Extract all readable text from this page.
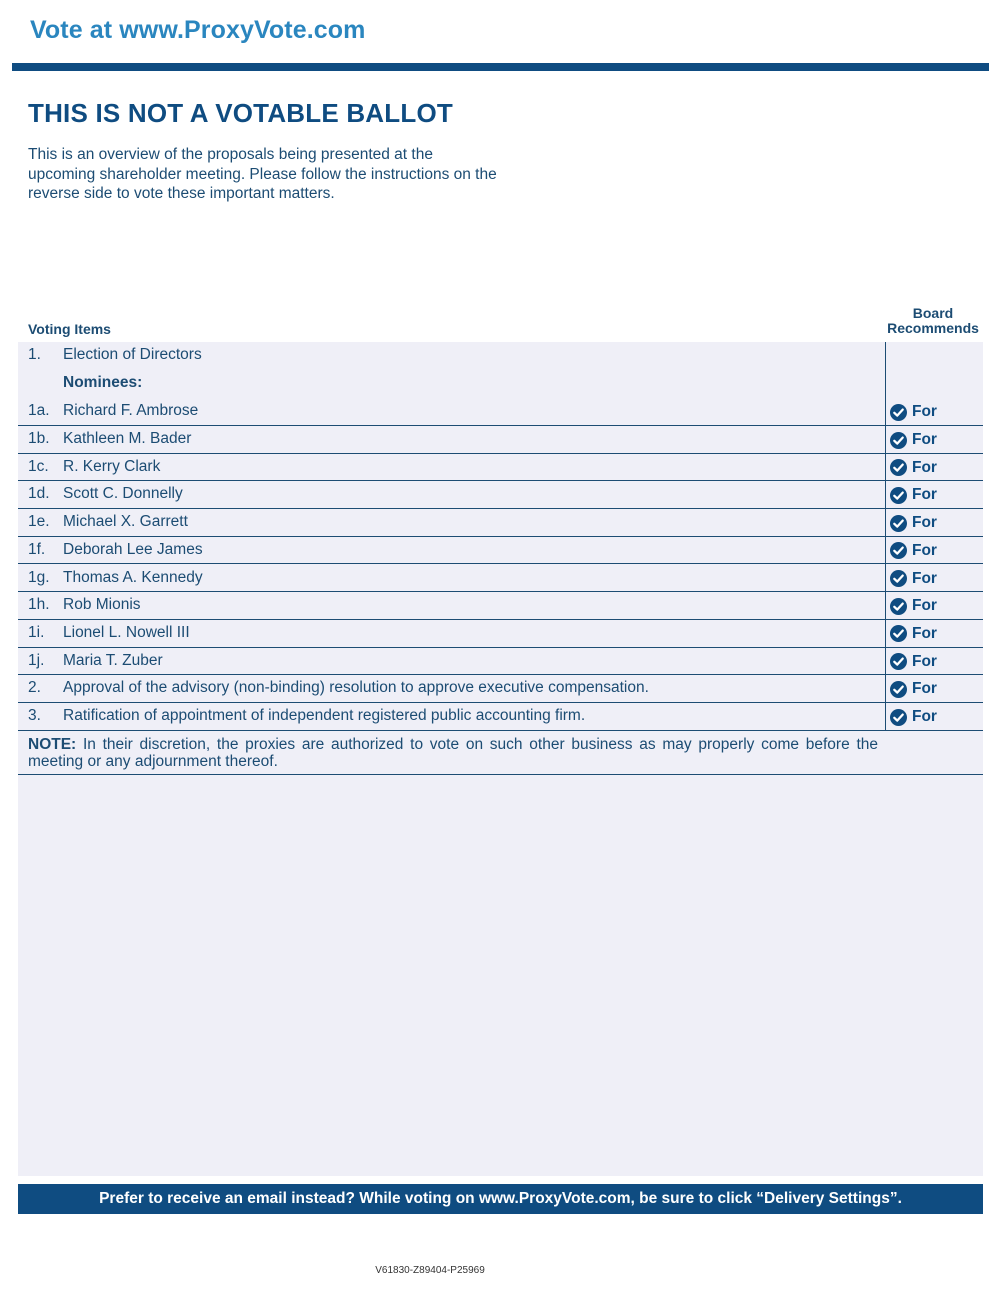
Vote at www.ProxyVote.com
THIS IS NOT A VOTABLE BALLOT
This is an overview of the proposals being presented at the upcoming shareholder meeting. Please follow the instructions on the reverse side to vote these important matters.
Board
Recommends
Voting Items
1. Election of Directors
Nominees:
1a. Richard F. Ambrose	For
1b. Kathleen M. Bader	For
1c. R. Kerry Clark	For
1d. Scott C. Donnelly	For
1e. Michael X. Garrett	For
1f. Deborah Lee James	For
1g. Thomas A. Kennedy	For
1h. Rob Mionis	For
1i. Lionel L. Nowell III	For
1j. Maria T. Zuber	For
2. Approval of the advisory (non-binding) resolution to approve executive compensation.	For
3. Ratification of appointment of independent registered public accounting firm.	For
NOTE: In their discretion, the proxies are authorized to vote on such other business as may properly come before the meeting or any adjournment thereof.
Prefer to receive an email instead? While voting on www.ProxyVote.com, be sure to click “Delivery Settings”.
V61830-Z89404-P25969
